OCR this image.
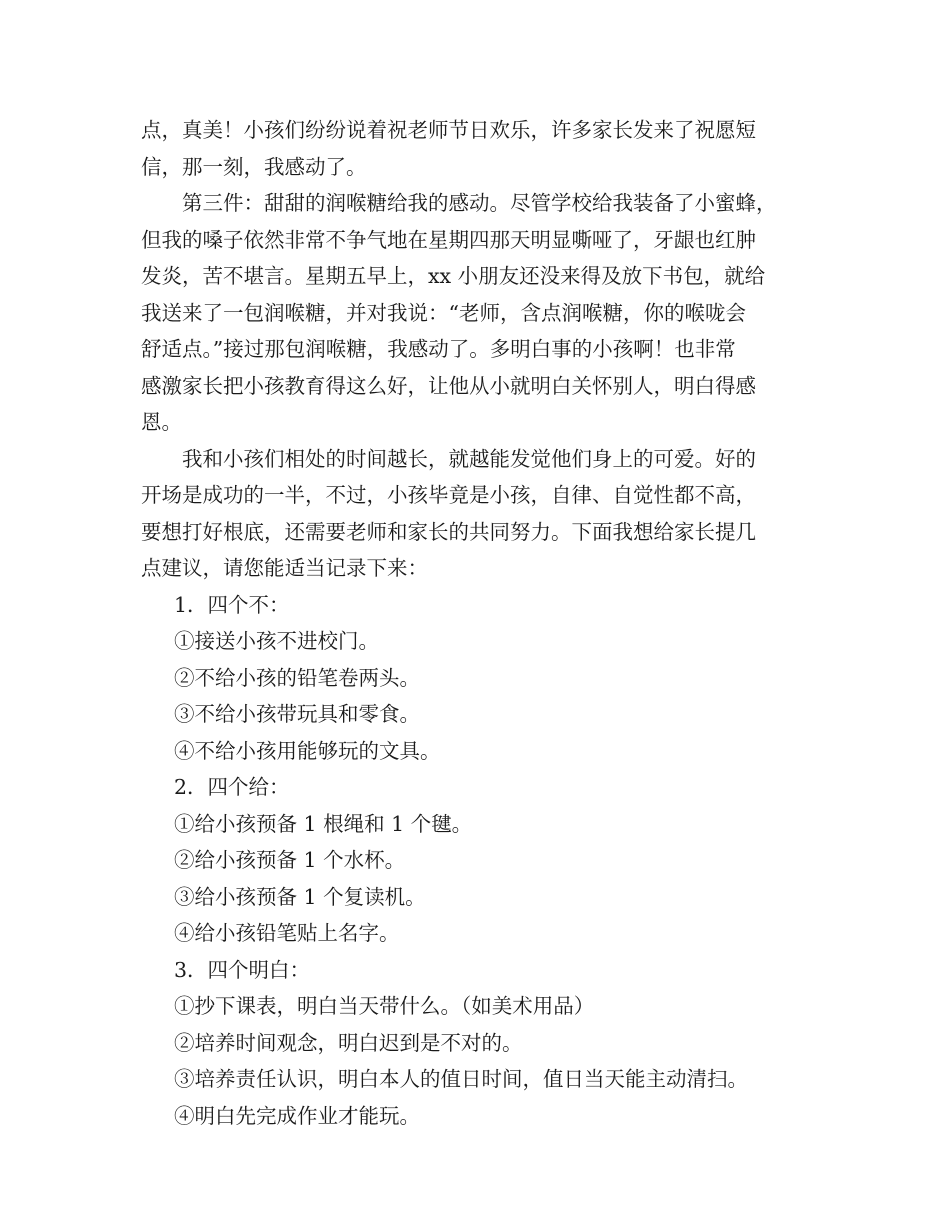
点，真美！小孩们纷纷说着祝老师节日欢乐，许多家长发来了祝愿短
信，那一刻，我感动了。
第三件：甜甜的润喉糖给我的感动。尽管学校给我装备了小蜜蜂，
但我的嗓子依然非常不争气地在星期四那天明显嘶哑了，牙龈也红肿
发炎，苦不堪言。星期五早上，xx 小朋友还没来得及放下书包，就给
我送来了一包润喉糖，并对我说：“老师，含点润喉糖，你的喉咙会
舒适点。”接过那包润喉糖，我感动了。多明白事的小孩啊！也非常
感激家长把小孩教育得这么好，让他从小就明白关怀别人，明白得感
恩。
我和小孩们相处的时间越长，就越能发觉他们身上的可爱。好的
开场是成功的一半，不过，小孩毕竟是小孩，自律、自觉性都不高，
要想打好根底，还需要老师和家长的共同努力。下面我想给家长提几
点建议，请您能适当记录下来：
1．四个不：
①接送小孩不进校门。
②不给小孩的铅笔卷两头。
③不给小孩带玩具和零食。
④不给小孩用能够玩的文具。
2．四个给：
①给小孩预备 1 根绳和 1 个毽。
②给小孩预备 1 个水杯。
③给小孩预备 1 个复读机。
④给小孩铅笔贴上名字。
3．四个明白：
①抄下课表，明白当天带什么。（如美术用品）
②培养时间观念，明白迟到是不对的。
③培养责任认识，明白本人的值日时间，值日当天能主动清扫。
④明白先完成作业才能玩。
